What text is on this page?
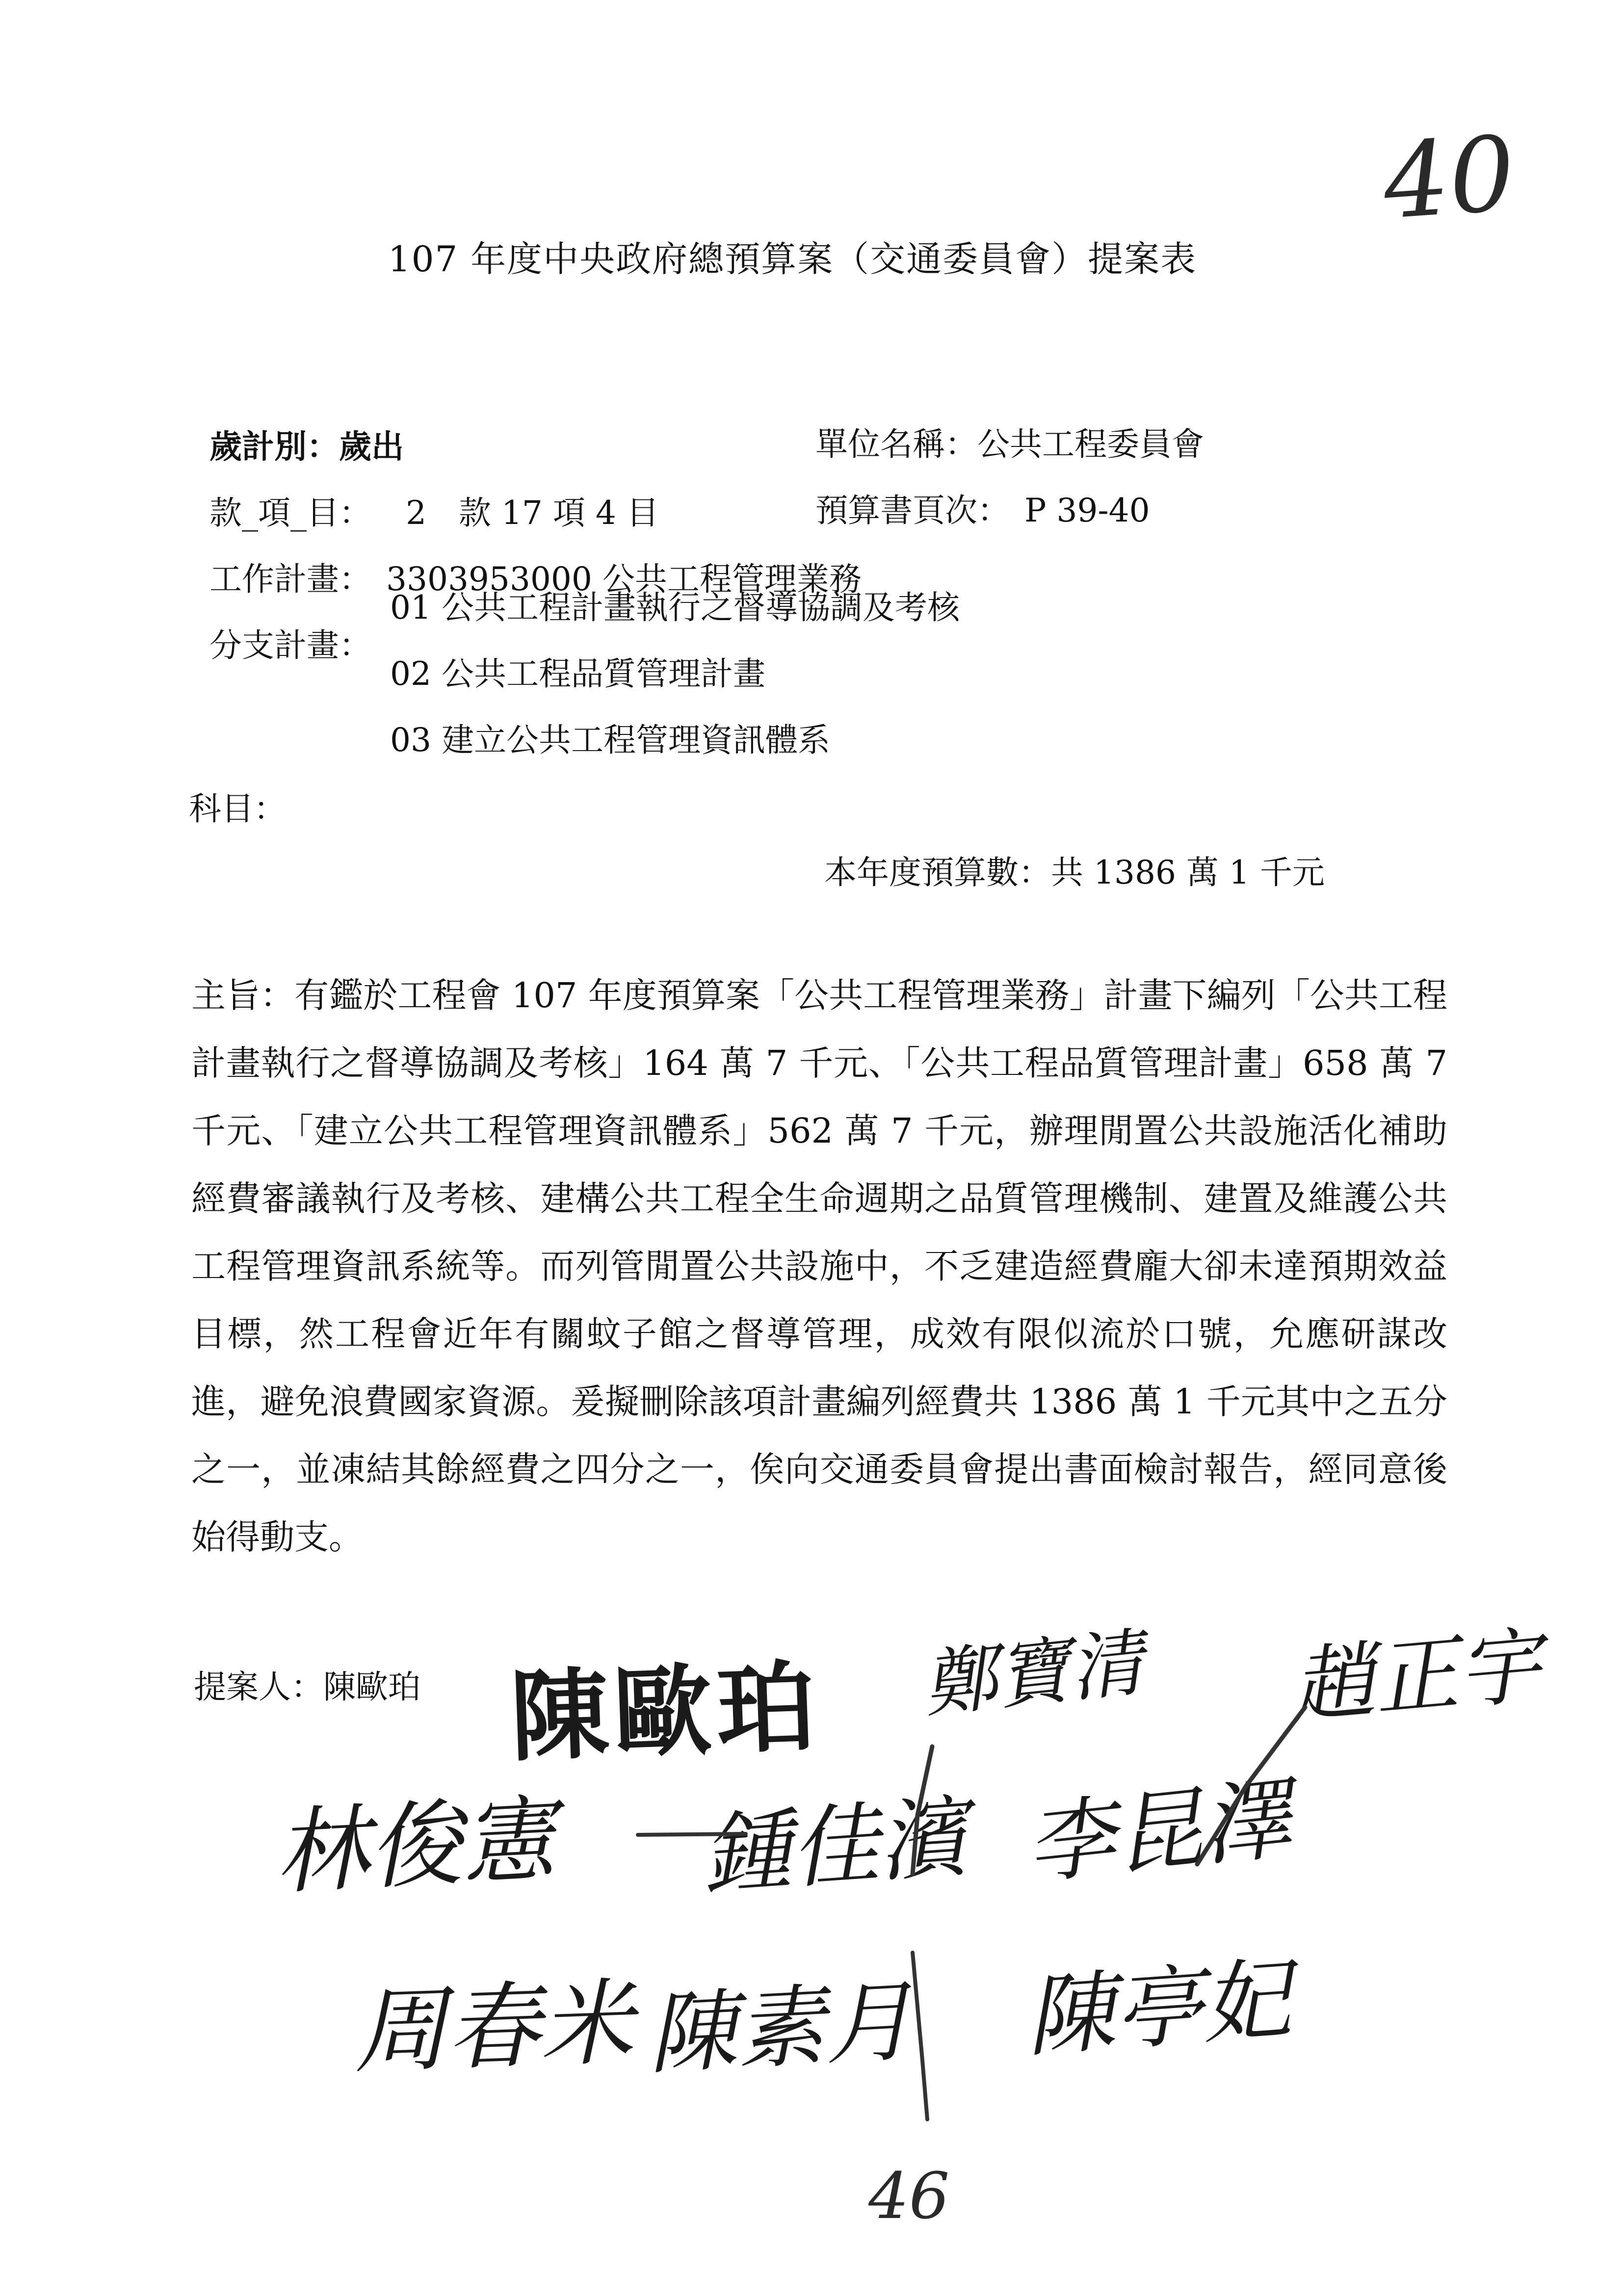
40
107 年度中央政府總預算案（交通委員會）提案表

歲計別：歲出	單位名稱：公共工程委員會

款_項_目： 2　款 17 項 4 目	預算書頁次： P 39-40

工作計畫： 3303953000 公共工程管理業務

分支計畫：

01 公共工程計畫執行之督導協調及考核
02 公共工程品質管理計畫
03 建立公共工程管理資訊體系
科目：
本年度預算數：共 1386 萬 1 千元
主旨：有鑑於工程會 107 年度預算案「公共工程管理業務」計畫下編列「公共工程計畫執行之督導協調及考核」164 萬 7 千元、「公共工程品質管理計畫」658 萬 7 千元、「建立公共工程管理資訊體系」562 萬 7 千元，辦理閒置公共設施活化補助經費審議執行及考核、建構公共工程全生命週期之品質管理機制、建置及維護公共工程管理資訊系統等。而列管閒置公共設施中，不乏建造經費龐大卻未達預期效益目標，然工程會近年有關蚊子館之督導管理，成效有限似流於口號，允應研謀改進，避免浪費國家資源。爰擬刪除該項計畫編列經費共 1386 萬 1 千元其中之五分之一，並凍結其餘經費之四分之一，俟向交通委員會提出書面檢討報告，經同意後始得動支。
提案人：陳歐珀 陳歐珀 鄭寶清 趙正宇
林俊憲 鍾佳濱 李昆澤
周春米 陳素月 陳亭妃
46
